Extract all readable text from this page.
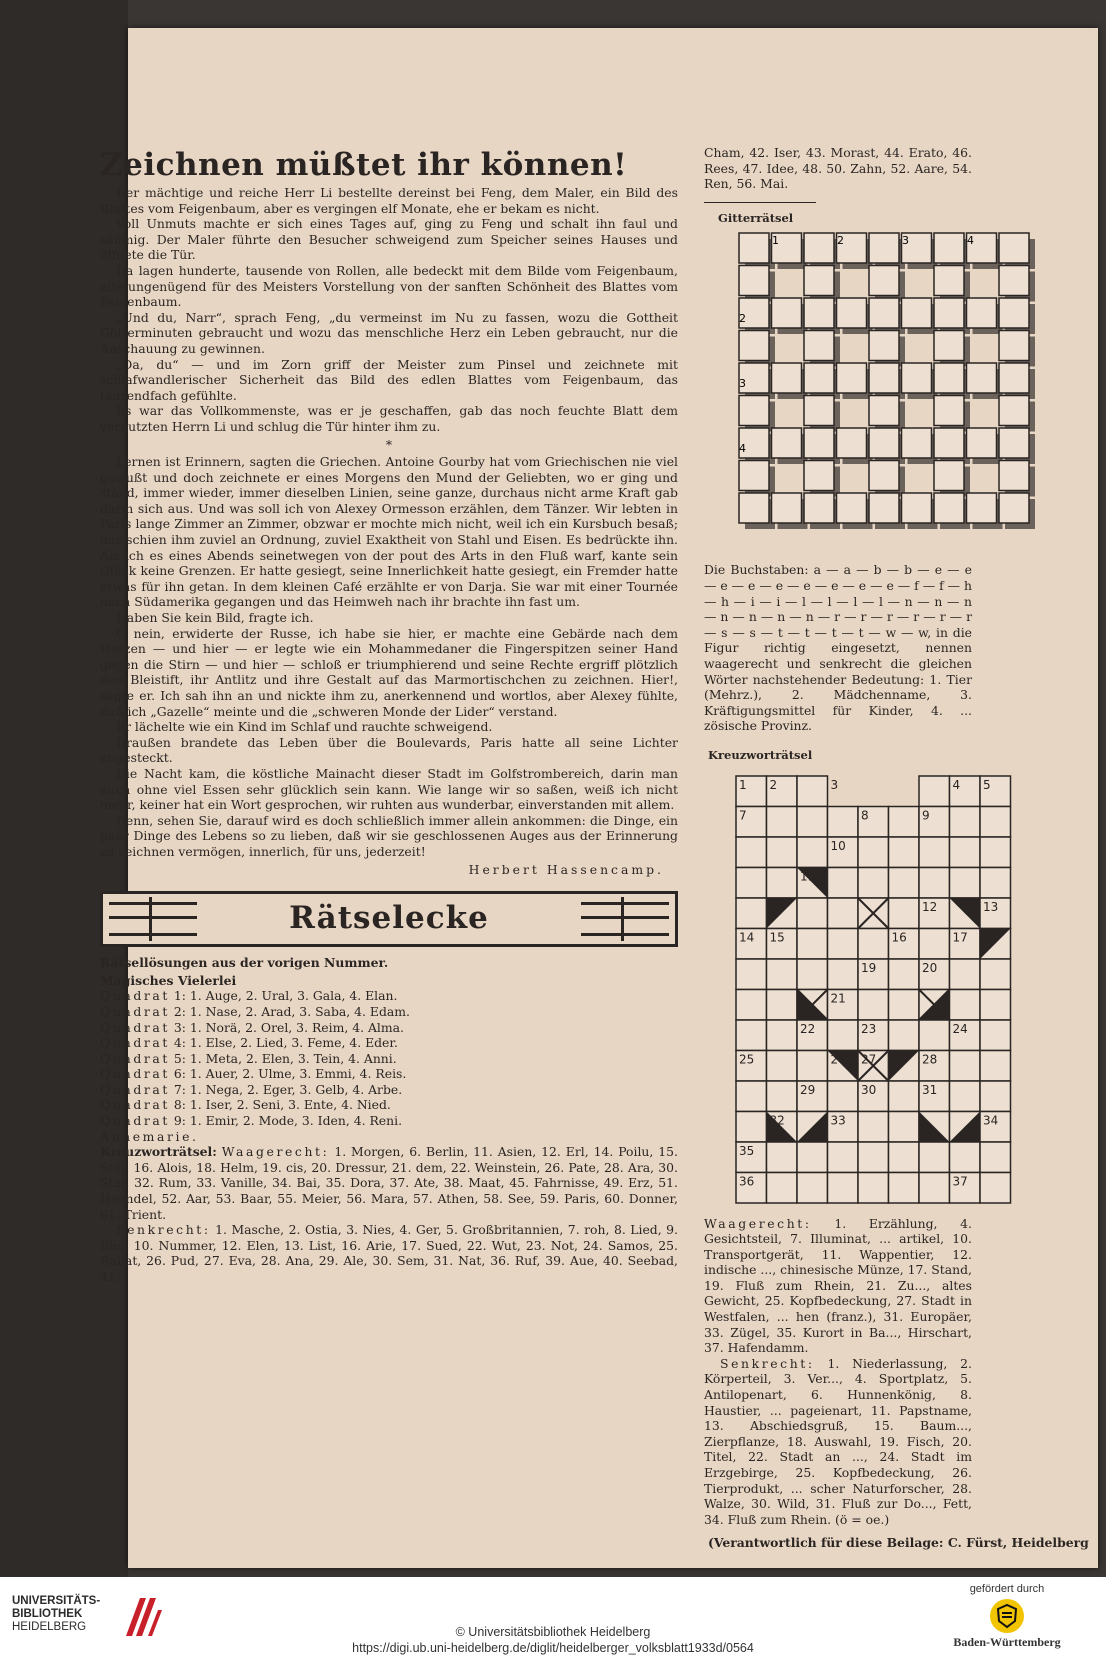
Zeichnen müßtet ihr können!

Der mächtige und reiche Herr Li bestellte dereinst bei Feng, dem Maler, ein Bild des Blattes vom Feigenbaum, aber es vergingen elf Monate, ehe er bekam es nicht.

Voll Unmuts machte er sich eines Tages auf, ging zu Feng und schalt ihn faul und säumig. Der Maler führte den Besucher schweigend zum Speicher seines Hauses und öffnete die Tür.

Da lagen hunderte, tausende von Rollen, alle bedeckt mit dem Bilde vom Feigenbaum, alle ungenügend für des Meisters Vorstellung von der sanften Schönheit des Blattes vom Feigenbaum.

„Und du, Narr“, sprach Feng, „du vermeinst im Nu zu fassen, wozu die Gottheit Götterminuten gebraucht und wozu das menschliche Herz ein Leben gebraucht, nur die Anschauung zu gewinnen.

„Da, du“ — und im Zorn griff der Meister zum Pinsel und zeichnete mit schlafwandlerischer Sicherheit das Bild des edlen Blattes vom Feigenbaum, das tausendfach gefühlte.

Es war das Vollkommenste, was er je geschaffen, gab das noch feuchte Blatt dem verdutzten Herrn Li und schlug die Tür hinter ihm zu.

*

Lernen ist Erinnern, sagten die Griechen. Antoine Gourby hat vom Griechischen nie viel gewußt und doch zeichnete er eines Morgens den Mund der Geliebten, wo er ging und stand, immer wieder, immer dieselben Linien, seine ganze, durchaus nicht arme Kraft gab darin sich aus. Und was soll ich von Alexey Ormesson erzählen, dem Tänzer. Wir lebten in Paris lange Zimmer an Zimmer, obzwar er mochte mich nicht, weil ich ein Kursbuch besaß; das schien ihm zuviel an Ordnung, zuviel Exaktheit von Stahl und Eisen. Es bedrückte ihn. Als ich es eines Abends seinetwegen von der pout des Arts in den Fluß warf, kante sein Glück keine Grenzen. Er hatte gesiegt, seine Innerlichkeit hatte gesiegt, ein Fremder hatte etwas für ihn getan. In dem kleinen Café erzählte er von Darja. Sie war mit einer Tournée nach Südamerika gegangen und das Heimweh nach ihr brachte ihn fast um.

Haben Sie kein Bild, fragte ich.

O nein, erwiderte der Russe, ich habe sie hier, er machte eine Gebärde nach dem Herzen — und hier — er legte wie ein Mohammedaner die Fingerspitzen seiner Hand gegen die Stirn — und hier — schloß er triumphierend und seine Rechte ergriff plötzlich den Bleistift, ihr Antlitz und ihre Gestalt auf das Marmortischchen zu zeichnen. Hier!, sagte er. Ich sah ihn an und nickte ihm zu, anerkennend und wortlos, aber Alexey fühlte, daß ich „Gazelle“ meinte und die „schweren Monde der Lider“ verstand.

Er lächelte wie ein Kind im Schlaf und rauchte schweigend.

Draußen brandete das Leben über die Boulevards, Paris hatte all seine Lichter angesteckt.

Die Nacht kam, die köstliche Mainacht dieser Stadt im Golfstrombereich, darin man auch ohne viel Essen sehr glücklich sein kann. Wie lange wir so saßen, weiß ich nicht mehr, keiner hat ein Wort gesprochen, wir ruhten aus wunderbar, einverstanden mit allem.

Denn, sehen Sie, darauf wird es doch schließlich immer allein ankommen: die Dinge, ein paar Dinge des Lebens so zu lieben, daß wir sie geschlossenen Auges aus der Erinnerung zu zeichnen vermögen, innerlich, für uns, jederzeit!

Herbert Hassencamp.
Rätselecke
Rätsellösungen aus der vorigen Nummer.
Magisches Vielerlei
Quadrat 1: 1. Auge, 2. Ural, 3. Gala, 4. Elan.
Quadrat 2: 1. Nase, 2. Arad, 3. Saba, 4. Edam.
Quadrat 3: 1. Norä, 2. Orel, 3. Reim, 4. Alma.
Quadrat 4: 1. Else, 2. Lied, 3. Feme, 4. Eder.
Quadrat 5: 1. Meta, 2. Elen, 3. Tein, 4. Anni.
Quadrat 6: 1. Auer, 2. Ulme, 3. Emmi, 4. Reis.
Quadrat 7: 1. Nega, 2. Eger, 3. Gelb, 4. Arbe.
Quadrat 8: 1. Iser, 2. Seni, 3. Ente, 4. Nied.
Quadrat 9: 1. Emir, 2. Mode, 3. Iden, 4. Reni.
Annemarie.

Kreuzworträtsel: Waagerecht: 1. Morgen, 6. Berlin, 11. Asien, 12. Erl, 14. Poilu, 15. Ster, 16. Alois, 18. Helm, 19. cis, 20. Dressur, 21. dem, 22. Weinstein, 26. Pate, 28. Ara, 30. Star, 32. Rum, 33. Vanille, 34. Bai, 35. Dora, 37. Ate, 38. Maat, 45. Fahrnisse, 49. Erz, 51. Haendel, 52. Aar, 53. Baar, 55. Meier, 56. Mara, 57. Athen, 58. See, 59. Paris, 60. Donner, 61. Trient.

Senkrecht: 1. Masche, 2. Ostia, 3. Nies, 4. Ger, 5. Großbritannien, 7. roh, 8. Lied, 9. Iller, 10. Nummer, 12. Elen, 13. List, 16. Arie, 17. Sued, 22. Wut, 23. Not, 24. Samos, 25. Rabat, 26. Pud, 27. Eva, 28. Ana, 29. Ale, 30. Sem, 31. Nat, 36. Ruf, 39. Aue, 40. Seebad, 41.

Cham, 42. Iser, 43. Morast, 44. Erato, 46. Rees, 47. Idee, 48. 50. Zahn, 52. Aare, 54. Ren, 56. Mai.

Gitterrätsel
1	2	3	4
2
3
4

Die Buchstaben: a — a — b — b — e — e — e — e — e — e — e — e — e — f — f — h — h — i — i — l — l — l — l — n — n — n — n — n — n — n — r — r — r — r — r — r — s — s — t — t — t — t — w — w, in die Figur richtig eingesetzt, nennen waagerecht und senkrecht die gleichen Wörter nachstehender Bedeutung: 1. Tier (Mehrz.), 2. Mädchenname, 3. Kräftigungsmittel für Kinder, 4. ... zösische Provinz.

Kreuzworträtsel
1 2	3	4 5
7	8	9
10
11
12	13
14 15	16	17 18
19	20
21
22	23	24
25	26 27	28
29	30	31
32	33	34
35
36	37

Waagerecht: 1. Erzählung, 4. Gesichtsteil, 7. Illuminat, ... artikel, 10. Transportgerät, 11. Wappentier, 12. indische ..., chinesische Münze, 17. Stand, 19. Fluß zum Rhein, 21. Zu..., altes Gewicht, 25. Kopfbedeckung, 27. Stadt in Westfalen, ... hen (franz.), 31. Europäer, 33. Zügel, 35. Kurort in Ba..., Hirschart, 37. Hafendamm.

Senkrecht: 1. Niederlassung, 2. Körperteil, 3. Ver..., 4. Sportplatz, 5. Antilopenart, 6. Hunnenkönig, 8. Haustier, ... pageienart, 11. Papstname, 13. Abschiedsgruß, 15. Baum..., Zierpflanze, 18. Auswahl, 19. Fisch, 20. Titel, 22. Stadt an ..., 24. Stadt im Erzgebirge, 25. Kopfbedeckung, 26. Tierprodukt, ... scher Naturforscher, 28. Walze, 30. Wild, 31. Fluß zur Do..., Fett, 34. Fluß zum Rhein. (ö = oe.)

(Verantwortlich für diese Beilage: C. Fürst, Heidelberg

UNIVERSITÄTS-
BIBLIOTHEK
HEIDELBERG	© Universitätsbibliothek Heidelberg
https://digi.ub.uni-heidelberg.de/diglit/heidelberger_volksblatt1933d/0564
gefördert durch
Baden-Württemberg
